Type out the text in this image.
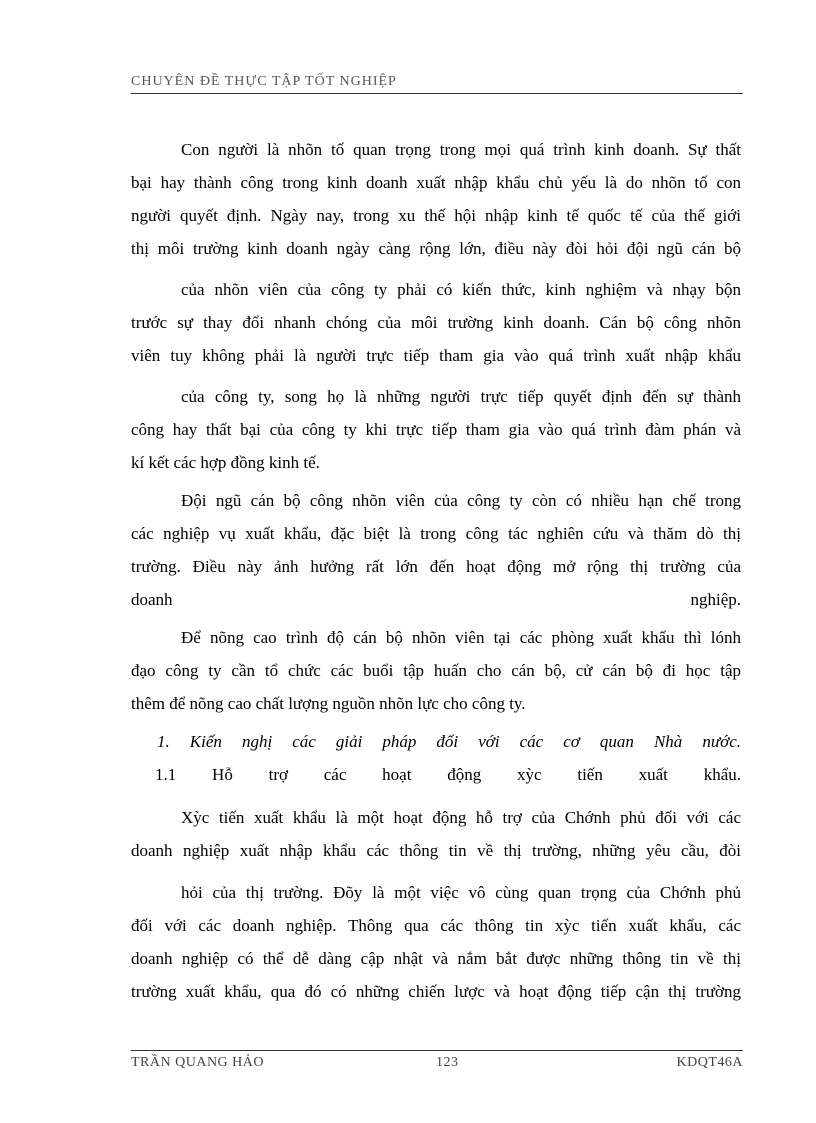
CHUYÊN ĐỀ THỰC TẬP TỐT NGHIỆP
Con người là nhõn tố quan trọng trong mọi quá trình kinh doanh. Sự thất
bại hay thành công trong kinh doanh xuất nhập khẩu chủ yếu là do nhõn tố con
người quyết định. Ngày nay, trong xu thế hội nhập kinh tế quốc tế của thế giới
thị môi trường kinh doanh ngày càng rộng lớn, điều này đòi hỏi đội ngũ cán bộ
của nhõn viên của công ty phải có kiến thức, kinh nghiệm và nhạy bộn
trước sự thay đổi nhanh chóng của môi trường kinh doanh. Cán bộ công nhõn
viên tuy không phải là người trực tiếp tham gia vào quá trình xuất nhập khẩu
của công ty, song họ là những người trực tiếp quyết định đến sự thành
công hay thất bại của công ty khi trực tiếp tham gia vào quá trình đàm phán và
kí kết các hợp đồng kinh tế.
Đội ngũ cán bộ công nhõn viên của công ty còn có nhiều hạn chế trong
các nghiệp vụ xuất khẩu, đặc biệt là trong công tác nghiên cứu và thăm dò thị
trường. Điều này ảnh hưởng rất lớn đến hoạt động mở rộng thị trường của
doanh nghiệp.
Để nõng cao trình độ cán bộ nhõn viên tại các phòng xuất khẩu thì lónh
đạo công ty cần tổ chức các buổi tập huấn cho cán bộ, cử cán bộ đi học tập
thêm để nõng cao chất lượng nguồn nhõn lực cho công ty.
1. Kiến nghị các giải pháp đối với các cơ quan Nhà nước.
1.1 Hỗ trợ các hoạt động xỳc tiến xuất khẩu.
Xỳc tiến xuất khẩu là một hoạt động hỗ trợ của Chớnh phủ đối với các
doanh nghiệp xuất nhập khẩu các thông tin về thị trường, những yêu cầu, đòi
hỏi của thị trường. Đõy là một việc vô cùng quan trọng của Chớnh phủ
đối với các doanh nghiệp. Thông qua các thông tin xỳc tiến xuất khẩu, các
doanh nghiệp có thể dễ dàng cập nhật và nắm bắt được những thông tin về thị
trường xuất khẩu, qua đó có những chiến lược và hoạt động tiếp cận thị trường
TRẦN QUANG HẢO	123	KDQT46A
